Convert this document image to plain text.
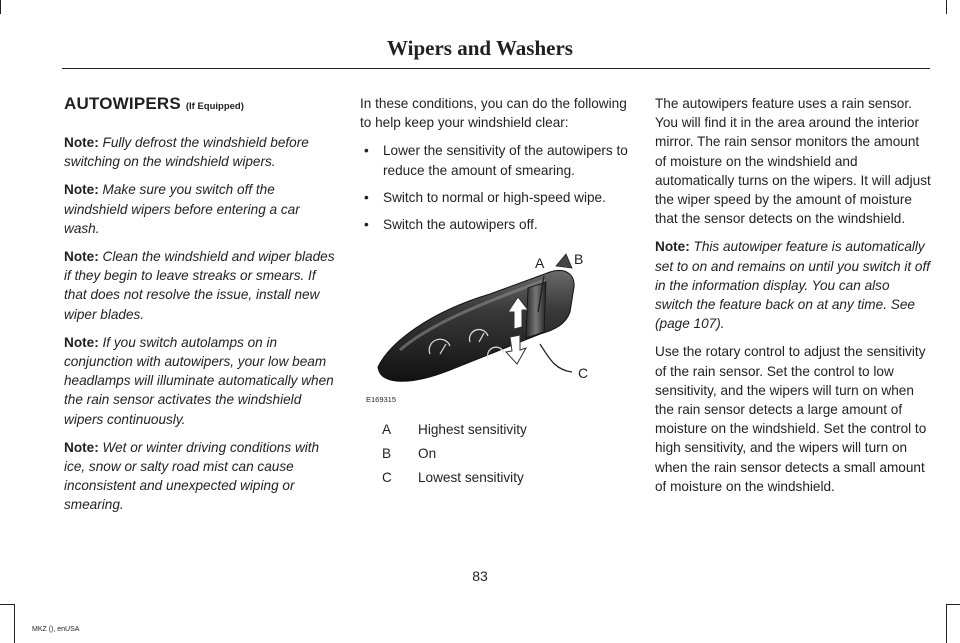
Wipers and Washers
AUTOWIPERS (If Equipped)

Note: Fully defrost the windshield before switching on the windshield wipers.

Note: Make sure you switch off the windshield wipers before entering a car wash.

Note: Clean the windshield and wiper blades if they begin to leave streaks or smears. If that does not resolve the issue, install new wiper blades.

Note: If you switch autolamps on in conjunction with autowipers, your low beam headlamps will illuminate automatically when the rain sensor activates the windshield wipers continuously.

Note: Wet or winter driving conditions with ice, snow or salty road mist can cause inconsistent and unexpected wiping or smearing.

In these conditions, you can do the following to help keep your windshield clear:

• Lower the sensitivity of the autowipers to reduce the amount of smearing.
• Switch to normal or high-speed wipe.
• Switch the autowipers off.
A B
C
E169315
A	Highest sensitivity
B	On
C	Lowest sensitivity

The autowipers feature uses a rain sensor. You will find it in the area around the interior mirror. The rain sensor monitors the amount of moisture on the windshield and automatically turns on the wipers. It will adjust the wiper speed by the amount of moisture that the sensor detects on the windshield.

Note: This autowiper feature is automatically set to on and remains on until you switch it off in the information display. You can also switch the feature back on at any time. See (page 107).

Use the rotary control to adjust the sensitivity of the rain sensor. Set the control to low sensitivity, and the wipers will turn on when the rain sensor detects a large amount of moisture on the windshield. Set the control to high sensitivity, and the wipers will turn on when the rain sensor detects a small amount of moisture on the windshield.

83
MKZ (), enUSA
